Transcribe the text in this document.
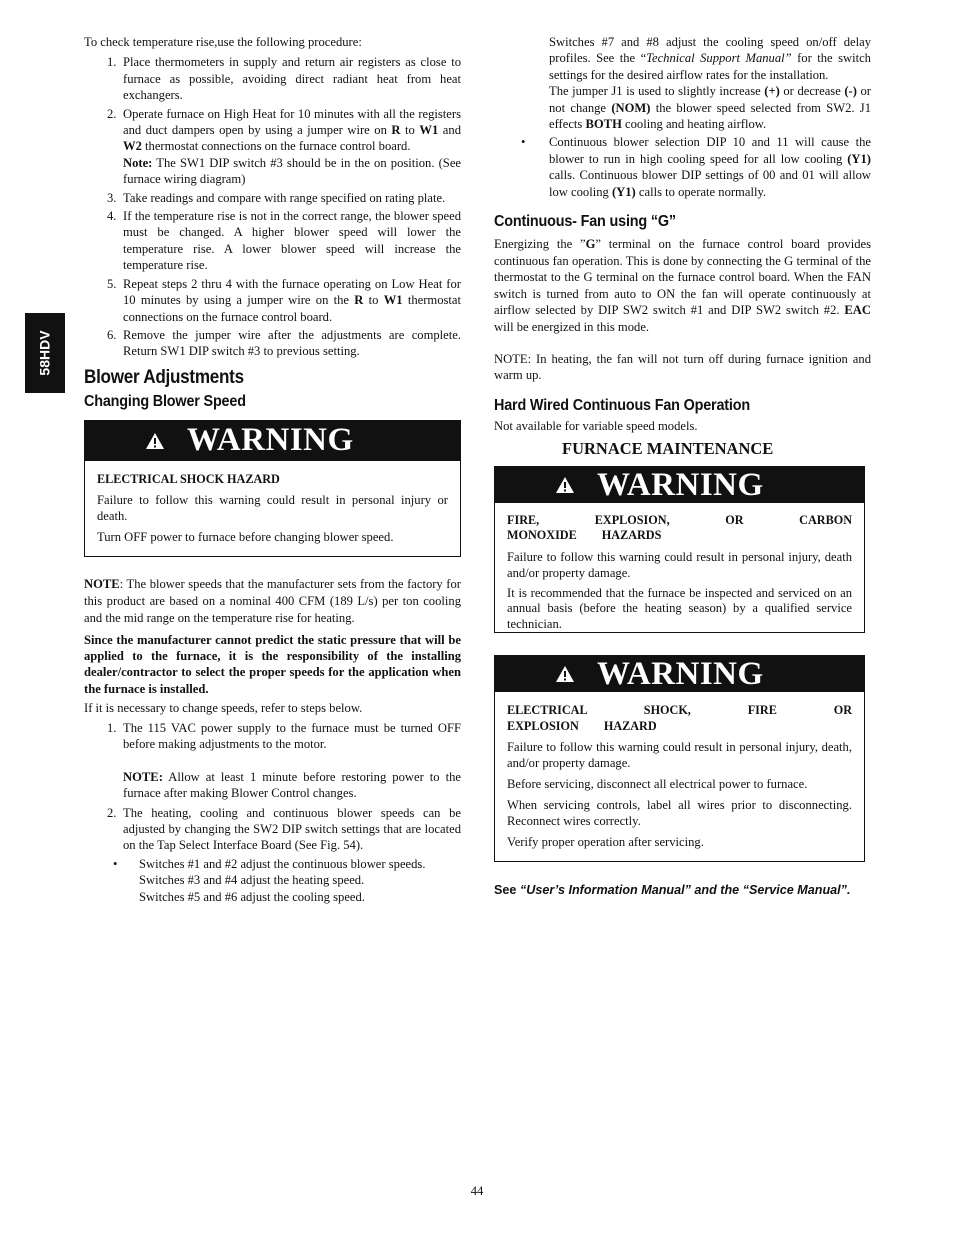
58HDV

To check temperature rise,use the following procedure:

1. Place thermometers in supply and return air registers as close to furnace as possible, avoiding direct radiant heat from heat exchangers.
2. Operate furnace on High Heat for 10 minutes with all the registers and duct dampers open by using a jumper wire on R to W1 and W2 thermostat connections on the furnace control board.
Note: The SW1 DIP switch #3 should be in the on position. (See furnace wiring diagram)
3. Take readings and compare with range specified on rating plate.
4. If the temperature rise is not in the correct range, the blower speed must be changed. A higher blower speed will lower the temperature rise. A lower blower speed will increase the temperature rise.
5. Repeat steps 2 thru 4 with the furnace operating on Low Heat for 10 minutes by using a jumper wire on the R to W1 thermostat connections on the furnace control board.
6. Remove the jumper wire after the adjustments are complete. Return SW1 DIP switch #3 to previous setting.
Blower Adjustments
Changing Blower Speed
WARNING
ELECTRICAL SHOCK HAZARD

Failure to follow this warning could result in personal injury or death.

Turn OFF power to furnace before changing blower speed.

NOTE: The blower speeds that the manufacturer sets from the factory for this product are based on a nominal 400 CFM (189 L/s) per ton cooling and the mid range on the temperature rise for heating.

Since the manufacturer cannot predict the static pressure that will be applied to the furnace, it is the responsibility of the installing dealer/contractor to select the proper speeds for the application when the furnace is installed.

If it is necessary to change speeds, refer to steps below.

1. The 115 VAC power supply to the furnace must be turned OFF before making adjustments to the motor.

NOTE: Allow at least 1 minute before restoring power to the furnace after making Blower Control changes.
2. The heating, cooling and continuous blower speeds can be adjusted by changing the SW2 DIP switch settings that are located on the Tap Select Interface Board (See Fig. 54).
• Switches #1 and #2 adjust the continuous blower speeds.
Switches #3 and #4 adjust the heating speed.
Switches #5 and #6 adjust the cooling speed.

Switches #7 and #8 adjust the cooling speed on/off delay profiles. See the “Technical Support Manual” for the switch settings for the desired airflow rates for the installation.

The jumper J1 is used to slightly increase (+) or decrease (-) or not change (NOM) the blower speed selected from SW2. J1 effects BOTH cooling and heating airflow.

• Continuous blower selection DIP 10 and 11 will cause the blower to run in high cooling speed for all low cooling (Y1) calls. Continuous blower DIP settings of 00 and 01 will allow low cooling (Y1) calls to operate normally.

Continuous- Fan using “G”

Energizing the ”G” terminal on the furnace control board provides continuous fan operation. This is done by connecting the G terminal of the thermostat to the G terminal on the furnace control board. When the FAN switch is turned from auto to ON the fan will operate continuously at airflow selected by DIP SW2 switch #1 and DIP SW2 switch #2. EAC will be energized in this mode.

NOTE: In heating, the fan will not turn off during furnace ignition and warm up.

Hard Wired Continuous Fan Operation

Not available for variable speed models.

FURNACE MAINTENANCE
WARNING
FIRE, EXPLOSION, OR CARBON MONOXIDE HAZARDS

Failure to follow this warning could result in personal injury, death and/or property damage.

It is recommended that the furnace be inspected and serviced on an annual basis (before the heating season) by a qualified service technician.

WARNING
ELECTRICAL SHOCK, FIRE OR EXPLOSION HAZARD

Failure to follow this warning could result in personal injury, death, and/or property damage.

Before servicing, disconnect all electrical power to furnace.

When servicing controls, label all wires prior to disconnecting. Reconnect wires correctly.

Verify proper operation after servicing.

See “User’s Information Manual” and the “Service Manual”.

44
